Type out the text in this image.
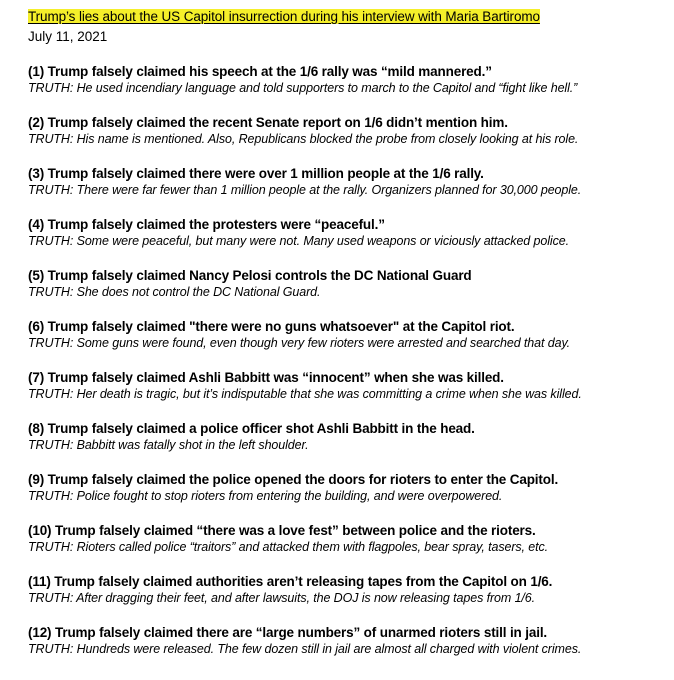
Trump’s lies about the US Capitol insurrection during his interview with Maria Bartiromo
July 11, 2021
(1) Trump falsely claimed his speech at the 1/6 rally was “mild mannered.”
TRUTH: He used incendiary language and told supporters to march to the Capitol and “fight like hell.”
(2) Trump falsely claimed the recent Senate report on 1/6 didn’t mention him.
TRUTH: His name is mentioned. Also, Republicans blocked the probe from closely looking at his role.
(3) Trump falsely claimed there were over 1 million people at the 1/6 rally.
TRUTH: There were far fewer than 1 million people at the rally. Organizers planned for 30,000 people.
(4) Trump falsely claimed the protesters were “peaceful.”
TRUTH: Some were peaceful, but many were not. Many used weapons or viciously attacked police.
(5) Trump falsely claimed Nancy Pelosi controls the DC National Guard
TRUTH: She does not control the DC National Guard.
(6) Trump falsely claimed "there were no guns whatsoever" at the Capitol riot.
TRUTH: Some guns were found, even though very few rioters were arrested and searched that day.
(7) Trump falsely claimed Ashli Babbitt was “innocent” when she was killed.
TRUTH: Her death is tragic, but it’s indisputable that she was committing a crime when she was killed.
(8) Trump falsely claimed a police officer shot Ashli Babbitt in the head.
TRUTH: Babbitt was fatally shot in the left shoulder.
(9) Trump falsely claimed the police opened the doors for rioters to enter the Capitol.
TRUTH: Police fought to stop rioters from entering the building, and were overpowered.
(10) Trump falsely claimed “there was a love fest” between police and the rioters.
TRUTH: Rioters called police “traitors” and attacked them with flagpoles, bear spray, tasers, etc.
(11) Trump falsely claimed authorities aren’t releasing tapes from the Capitol on 1/6.
TRUTH: After dragging their feet, and after lawsuits, the DOJ is now releasing tapes from 1/6.
(12) Trump falsely claimed there are “large numbers” of unarmed rioters still in jail.
TRUTH: Hundreds were released. The few dozen still in jail are almost all charged with violent crimes.
